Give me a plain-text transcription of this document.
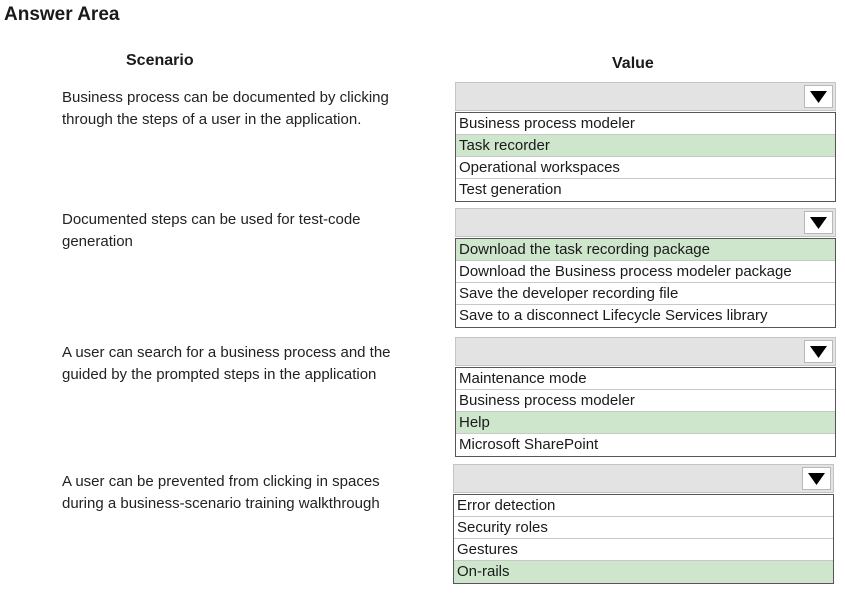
Answer Area
Scenario	Value
Business process can be documented by clicking
through the steps of a user in the application.	Business process modeler
Task recorder
Operational workspaces
Test generation
Documented steps can be used for test-code
generation	Download the task recording package
Download the Business process modeler package
Save the developer recording file
Save to a disconnect Lifecycle Services library
A user can search for a business process and the
guided by the prompted steps in the application	Maintenance mode
Business process modeler
Help
Microsoft SharePoint
A user can be prevented from clicking in spaces
during a business-scenario training walkthrough	Error detection
Security roles
Gestures
On-rails
